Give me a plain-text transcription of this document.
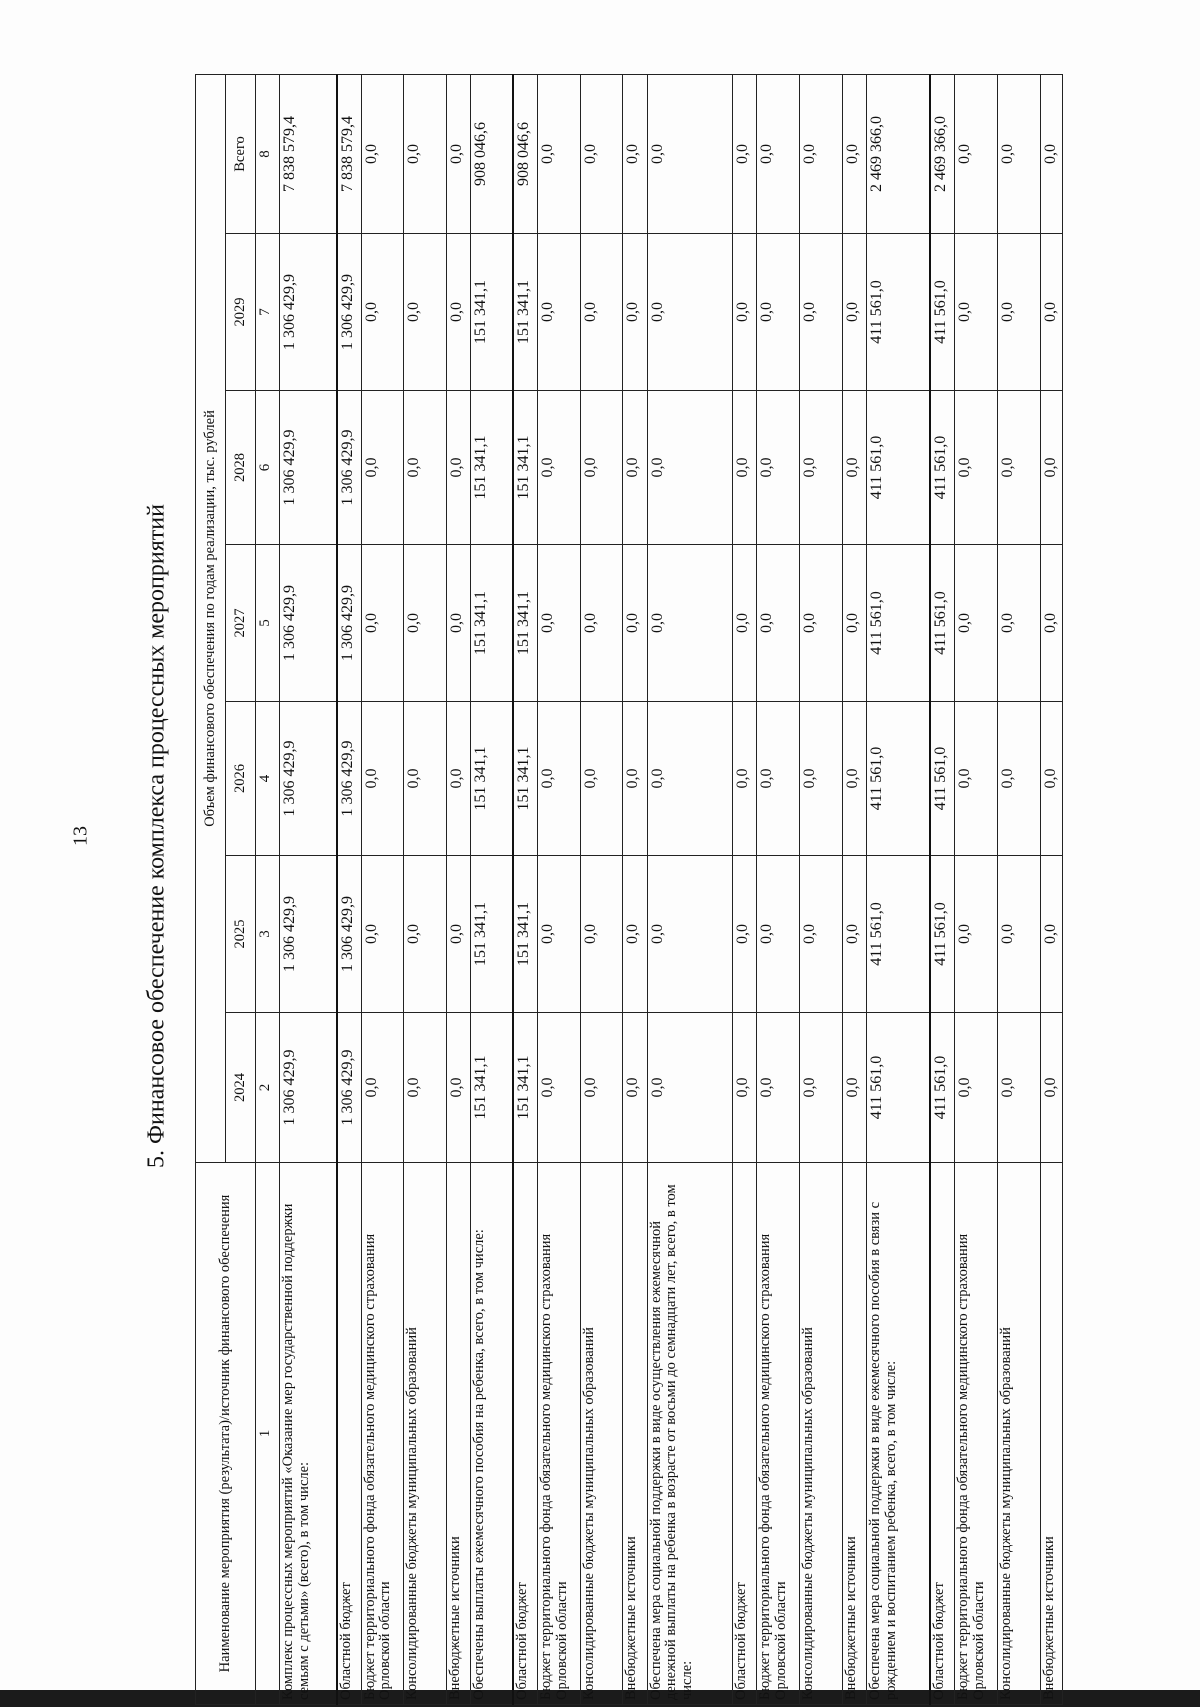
13 5. Финансовое обеспечение комплекса процессных мероприятий
Наименование мероприятия (результата)/источник финансового обеспечения	Объем финансового обеспечения по годам реализации, тыс. рублей						
	2024	2025	2026	2027	2028	2029	Всего
1	2	3	4	5	6	7	8
Комплекс процессных мероприятий «Оказание мер государственной поддержки семьям с детьми» (всего), в том числе:	1 306 429,9	1 306 429,9	1 306 429,9	1 306 429,9	1 306 429,9	1 306 429,9	7 838 579,4
Областной бюджет	1 306 429,9	1 306 429,9	1 306 429,9	1 306 429,9	1 306 429,9	1 306 429,9	7 838 579,4
Бюджет территориального фонда обязательного медицинского страхования Орловской области	0,0	0,0	0,0	0,0	0,0	0,0	0,0
Консолидированные бюджеты муниципальных образований	0,0	0,0	0,0	0,0	0,0	0,0	0,0
Внебюджетные источники	0,0	0,0	0,0	0,0	0,0	0,0	0,0
Обеспечены выплаты ежемесячного пособия на ребенка, всего, в том числе:	151 341,1	151 341,1	151 341,1	151 341,1	151 341,1	151 341,1	908 046,6
Областной бюджет	151 341,1	151 341,1	151 341,1	151 341,1	151 341,1	151 341,1	908 046,6
Бюджет территориального фонда обязательного медицинского страхования Орловской области	0,0	0,0	0,0	0,0	0,0	0,0	0,0
Консолидированные бюджеты муниципальных образований	0,0	0,0	0,0	0,0	0,0	0,0	0,0
Внебюджетные источники	0,0	0,0	0,0	0,0	0,0	0,0	0,0
Обеспечена мера социальной поддержки в виде осуществления ежемесячной денежной выплаты на ребенка в возрасте от восьми до семнадцати лет, всего, в том числе:	0,0	0,0	0,0	0,0	0,0	0,0	0,0
Областной бюджет	0,0	0,0	0,0	0,0	0,0	0,0	0,0
Бюджет территориального фонда обязательного медицинского страхования Орловской области	0,0	0,0	0,0	0,0	0,0	0,0	0,0
Консолидированные бюджеты муниципальных образований	0,0	0,0	0,0	0,0	0,0	0,0	0,0
Внебюджетные источники	0,0	0,0	0,0	0,0	0,0	0,0	0,0
Обеспечена мера социальной поддержки в виде ежемесячного пособия в связи с рождением и воспитанием ребенка, всего, в том числе:	411 561,0	411 561,0	411 561,0	411 561,0	411 561,0	411 561,0	2 469 366,0
Областной бюджет	411 561,0	411 561,0	411 561,0	411 561,0	411 561,0	411 561,0	2 469 366,0
Бюджет территориального фонда обязательного медицинского страхования Орловской области	0,0	0,0	0,0	0,0	0,0	0,0	0,0
Консолидированные бюджеты муниципальных образований	0,0	0,0	0,0	0,0	0,0	0,0	0,0
Внебюджетные источники	0,0	0,0	0,0	0,0	0,0	0,0	0,0
